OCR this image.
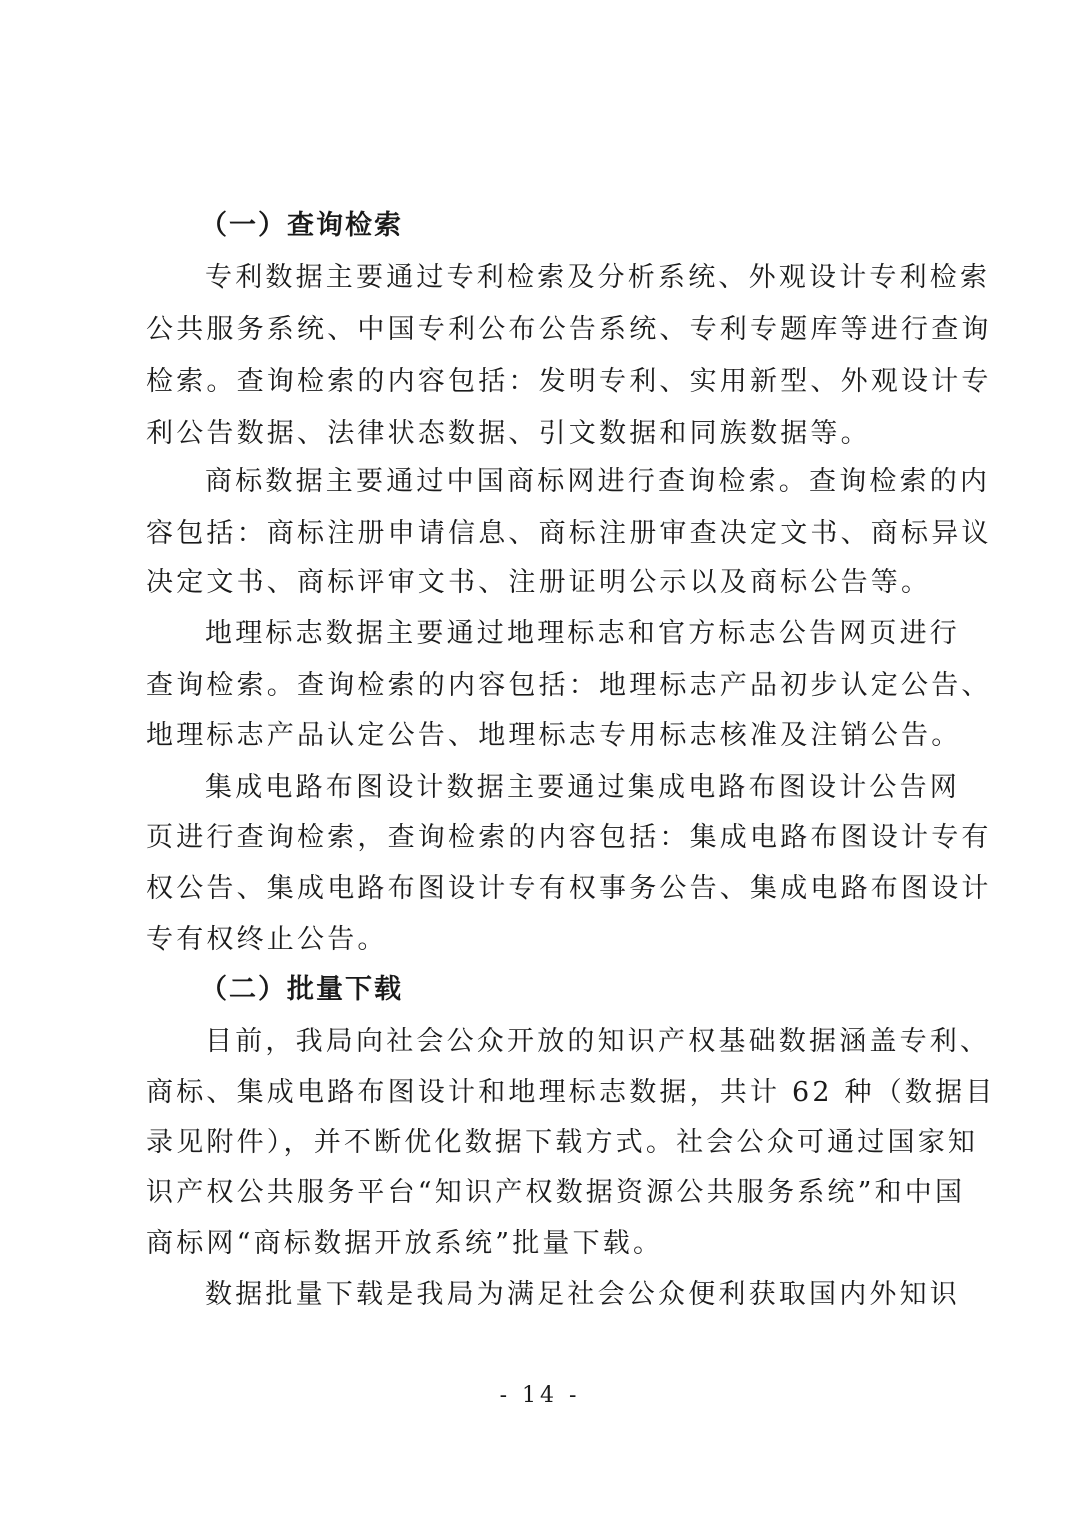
（一）查询检索
专利数据主要通过专利检索及分析系统、外观设计专利检索
公共服务系统、中国专利公布公告系统、专利专题库等进行查询
检索。查询检索的内容包括：发明专利、实用新型、外观设计专
利公告数据、法律状态数据、引文数据和同族数据等。
商标数据主要通过中国商标网进行查询检索。查询检索的内
容包括：商标注册申请信息、商标注册审查决定文书、商标异议
决定文书、商标评审文书、注册证明公示以及商标公告等。
地理标志数据主要通过地理标志和官方标志公告网页进行
查询检索。查询检索的内容包括：地理标志产品初步认定公告、
地理标志产品认定公告、地理标志专用标志核准及注销公告。
集成电路布图设计数据主要通过集成电路布图设计公告网
页进行查询检索，查询检索的内容包括：集成电路布图设计专有
权公告、集成电路布图设计专有权事务公告、集成电路布图设计
专有权终止公告。
（二）批量下载
目前，我局向社会公众开放的知识产权基础数据涵盖专利、
商标、集成电路布图设计和地理标志数据，共计 62 种（数据目
录见附件），并不断优化数据下载方式。社会公众可通过国家知
识产权公共服务平台“知识产权数据资源公共服务系统”和中国
商标网“商标数据开放系统”批量下载。
数据批量下载是我局为满足社会公众便利获取国内外知识
- 14 -
